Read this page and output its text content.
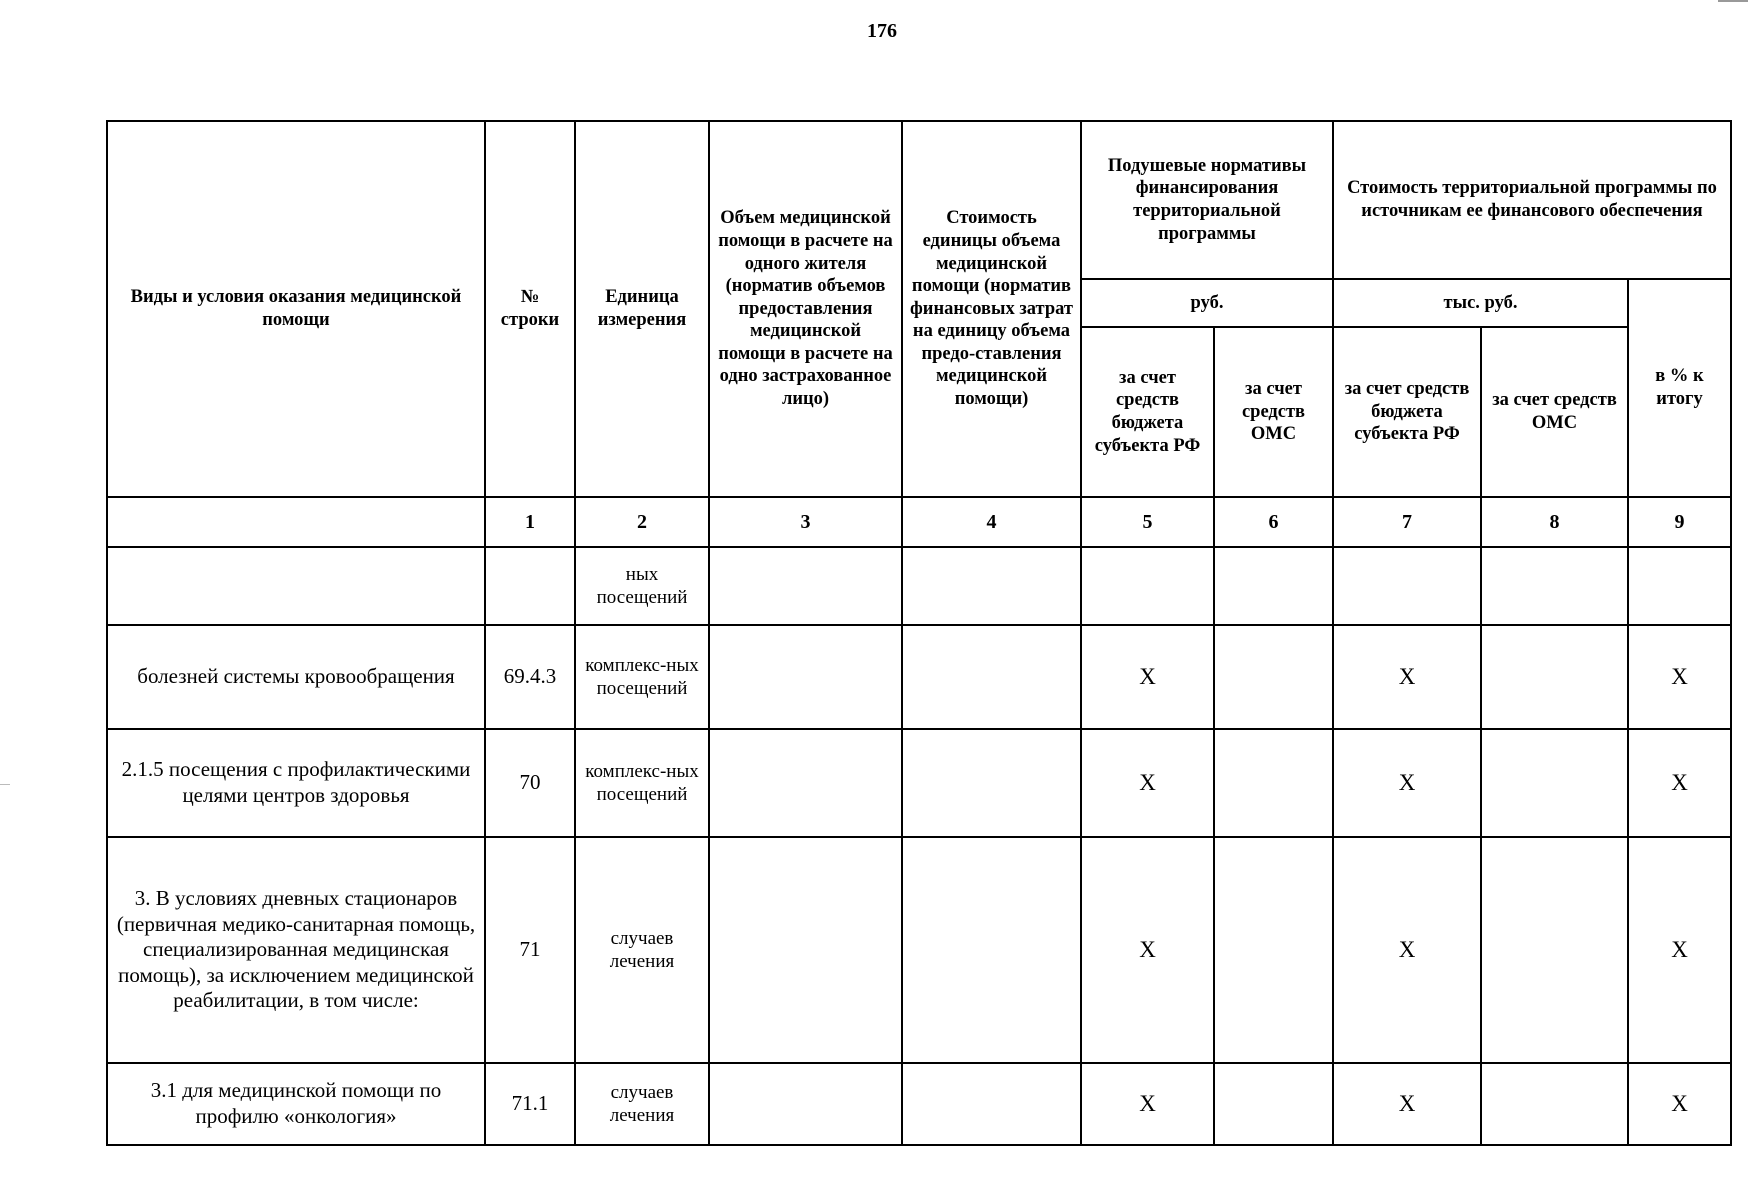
176
Виды и условия оказания медицинской помощи	№ строки	Единица измерения	Объем медицинской помощи в расчете на одного жителя (норматив объемов предоставления медицинской помощи в расчете на одно застрахованное лицо)	Стоимость единицы объема медицинской помощи (норматив финансовых затрат на единицу объема предо-ставления медицинской помощи)	Подушевые нормативы финансирования территориальной программы		Стоимость территориальной программы по источникам ее финансового обеспечения		
					руб.		тыс. руб.		в % к итогу
					за счет средств бюджета субъекта РФ	за счет средств ОМС	за счет средств бюджета субъекта РФ	за счет средств ОМС	
	1	2	3	4	5	6	7	8	9
		ных посещений							
болезней системы кровообращения	69.4.3	комплекс-ных посещений			Х		Х		Х
2.1.5 посещения с профилактическими целями центров здоровья	70	комплекс-ных посещений			Х		Х		Х
3. В условиях дневных стационаров (первичная медико-санитарная помощь, специализированная медицинская помощь), за исключением медицинской реабилитации, в том числе:	71	случаев лечения			Х		Х		Х
3.1 для медицинской помощи по профилю «онкология»	71.1	случаев лечения			Х		Х		Х
